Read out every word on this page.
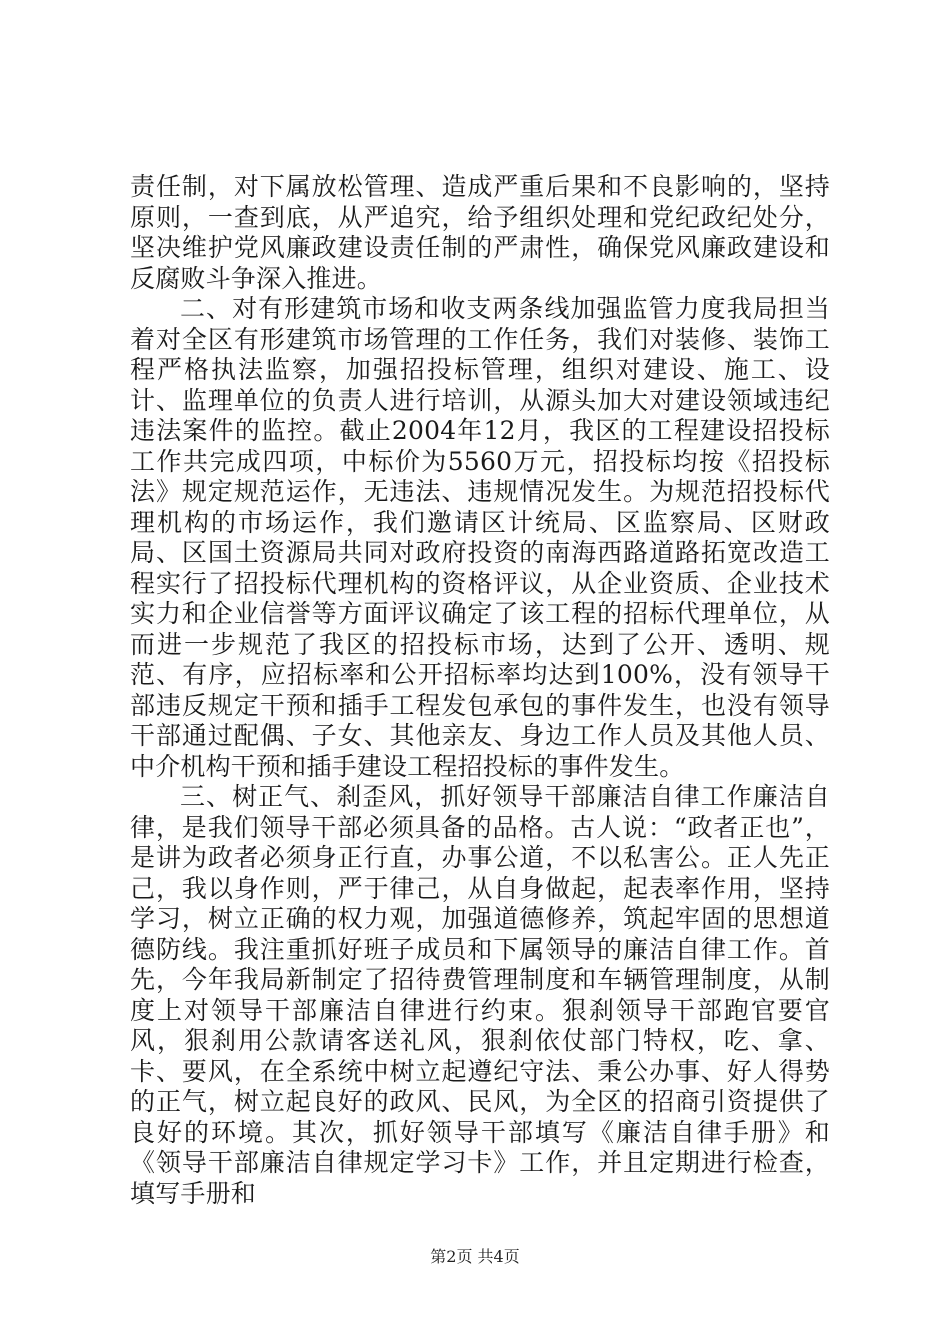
责任制，对下属放松管理、造成严重后果和不良影响的，坚持原则，一查到底，从严追究，给予组织处理和党纪政纪处分，坚决维护党风廉政建设责任制的严肃性，确保党风廉政建设和反腐败斗争深入推进。

二、对有形建筑市场和收支两条线加强监管力度我局担当着对全区有形建筑市场管理的工作任务，我们对装修、装饰工程严格执法监察，加强招投标管理，组织对建设、施工、设计、监理单位的负责人进行培训，从源头加大对建设领域违纪违法案件的监控。截止2004年12月，我区的工程建设招投标工作共完成四项，中标价为5560万元，招投标均按《招投标法》规定规范运作，无违法、违规情况发生。为规范招投标代理机构的市场运作，我们邀请区计统局、区监察局、区财政局、区国土资源局共同对政府投资的南海西路道路拓宽改造工程实行了招投标代理机构的资格评议，从企业资质、企业技术实力和企业信誉等方面评议确定了该工程的招标代理单位，从而进一步规范了我区的招投标市场，达到了公开、透明、规范、有序，应招标率和公开招标率均达到100%，没有领导干部违反规定干预和插手工程发包承包的事件发生，也没有领导干部通过配偶、子女、其他亲友、身边工作人员及其他人员、中介机构干预和插手建设工程招投标的事件发生。

三、树正气、刹歪风，抓好领导干部廉洁自律工作廉洁自律，是我们领导干部必须具备的品格。古人说：“政者正也”，是讲为政者必须身正行直，办事公道，不以私害公。正人先正己，我以身作则，严于律己，从自身做起，起表率作用，坚持学习，树立正确的权力观，加强道德修养，筑起牢固的思想道德防线。我注重抓好班子成员和下属领导的廉洁自律工作。首先，今年我局新制定了招待费管理制度和车辆管理制度，从制度上对领导干部廉洁自律进行约束。狠刹领导干部跑官要官风，狠刹用公款请客送礼风，狠刹依仗部门特权，吃、拿、卡、要风，在全系统中树立起遵纪守法、秉公办事、好人得势的正气，树立起良好的政风、民风，为全区的招商引资提供了良好的环境。其次，抓好领导干部填写《廉洁自律手册》和《领导干部廉洁自律规定学习卡》工作，并且定期进行检查，填写手册和

第2页 共4页
